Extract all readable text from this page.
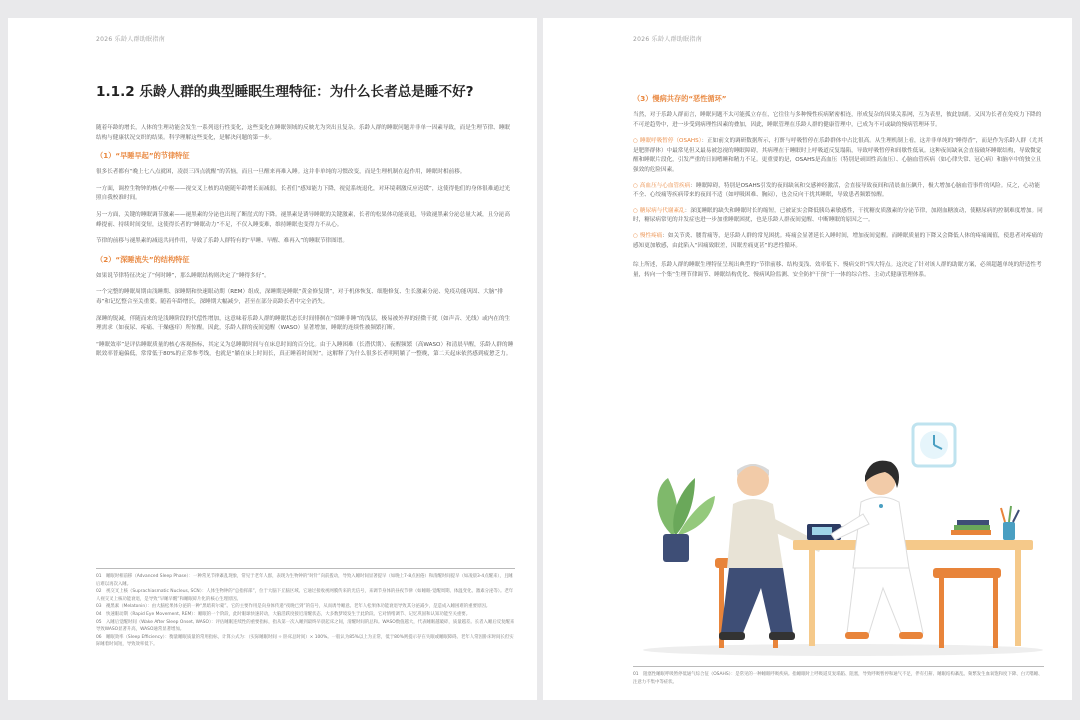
2026 乐龄人群助眠指南
1.1.2 乐龄人群的典型睡眠生理特征：为什么长者总是睡不好?

随着年龄的增长，人体的生理功能会发生一系列退行性变化，这些变化在睡眠领域的反映尤为突出且复杂。乐龄人群的睡眠问题并非单一因素导致，而是生理节律、睡眠结构与健康状况交织的结果。科学理解这些变化，是解决问题的第一步。

（1）“早睡早起”的节律特征

很多长者都有“晚上七八点就困，凌晨三四点就醒”的苦恼，而且一旦醒来再难入睡。这并非单纯的习惯改变，而是生理机制在起作用，睡眠时相前移。

一方面，调控生物钟的核心中枢——视交叉上核的功能随年龄增长而减弱，长者们“感知能力下降，视觉系统退化，对环境刺激反应迟缓”，这使得他们的身体很难通过光照自我校准时间。

另一方面，关键的睡眠调节激素——褪黑素的分泌也出现了断崖式的下降。褪黑素是诱导睡眠的关键激素，长者的松果体功能衰退，导致褪黑素分泌总量大减，且分泌高峰提前、持续时间变短，这使得长者的“睡眠动力”不足，不仅入睡变难，维持睡眠也变得力不从心。

节律的前移与褪黑素的减退共同作用，导致了乐龄人群特有的“早睡、早醒、难再入”的睡眠节律图谱。

（2）“深睡流失”的结构特征

如果说节律特征决定了“何时睡”，那么睡眠结构则决定了“睡得多好”。

一个完整的睡眠周期由浅睡期、深睡期和快速眼动期（REM）组成，深睡期是睡眠“黄金修复期”，对于机体恢复、细胞修复、生长激素分泌、免疫功能巩固、大脑“排毒”和记忆整合至关重要。随着年龄增长，深睡期大幅减少，甚至在部分高龄长者中完全消失。

深睡的锐减，伴随而来的是浅睡阶段的代偿性增加，这意味着乐龄人群的睡眠状态长时间徘徊在“似睡非睡”的浅层，极易被外界的轻微干扰（如声音、光线）或内在的生理需求（如夜尿、疼痛、干燥瘙痒）所惊醒。因此，乐龄人群的夜间觉醒（WASO）显著增加，睡眠的连续性被频繁打断。

“睡眠效率”是评估睡眠质量的核心客观指标，其定义为总睡眠时间与在床总时间的百分比。由于入睡困难（长潜伏期）、夜醒频繁（高WASO）和清晨早醒，乐龄人群的睡眠效率普遍偏低，常常低于80%的正常参考线，也就是“躺在床上时间长，真正睡着时间短”。这解释了为什么很多长者明明躺了一整晚，第二天起床依然感到疲惫乏力。

01　睡眠时相前移（Advanced Sleep Phase）：一种常见节律紊乱现象，常见于老年人群，表现为生物钟的“时针”向前拨动，导致入睡时间显著提早（如晚上7-8点困倦）和清醒时间提早（如凌晨3-4点醒来），且睡后难以再次入睡。

02　视交叉上核（Suprachiasmatic Nucleus, SCN）：人体生物钟的“总指挥部”，位于大脑下丘脑区域。它通过接收视网膜传来的光信号，来调节身体的昼夜节律（如睡眠-觉醒周期、体温变化、激素分泌等）。老年人视交叉上核功能衰退，是导致“早睡早醒”和睡眠碎片化的核心生理原因。

03　褪黑素（Melatonin）：由大脑松果体分泌的一种“黑暗荷尔蒙”。它的主要作用是向身体传递“夜晚已到”的信号，从而诱导睡意。老年人松果体功能衰退导致其分泌减少，是造成入睡困难的重要原因。

04　快速眼动期（Rapid Eye Movement, REM）：睡眠的一个阶段，此时眼球快速转动，大脑活跃度接近清醒状态，大多数梦境发生于此阶段。它对情绪调节、记忆巩固和认知功能至关重要。

05　入睡后觉醒时间（Wake After Sleep Onset, WASO）：评估睡眠连续性的重要指标，指从第一次入睡到最终早晨起床之间，清醒时间的总和。WASO数值越大，代表睡眠越破碎，质量越差。长者入睡后反复醒来导致WASO显著升高，WASO通常显著增加。

06　睡眠效率（Sleep Efficiency）：衡量睡眠质量的常用指标，计算公式为：（实际睡眠时间 ÷ 卧床总时间）× 100%。一般认为85%以上为正常，低于80%则提示存在失眠或睡眠障碍。老年人常因卧床时间长但实际睡着时间短，导致效率低下。

2026 乐龄人群助眠指南
（3）慢病共存的“恶性循环”

当然，对于乐龄人群而言，睡眠问题不太可能孤立存在，它往往与多种慢性疾病紧密相连，形成复杂的因果关系网，互为表里，彼此加剧。又因为长者在免疫力下降的不可逆趋势中，进一步受到病理性因素的叠加，因此，睡眠管理在乐龄人群的健康管理中，已成为不可或缺的慢病管理环节。

○ 睡眠呼吸暂停（OSAHS）：正如前文的调研数据所示，打鼾与呼吸暂停在乐龄群体中占比很高。从生理机制上看，这并非单纯的“睡得香”，而是作为乐龄人群（尤其是肥胖群体）中最常见但又最易被忽视的睡眠障碍，其病理在于睡眠时上呼吸道反复塌陷，导致呼吸暂停和间歇性低氧。这种夜间缺氧会直接破坏睡眠结构，导致微觉醒和睡眠片段化，引发严重的日间嗜睡和精力不足。更重要的是，OSAHS是高血压（特别是顽固性高血压）、心脑血管疾病（如心律失常、冠心病）和脑卒中的独立且强效的危险因素。

○ 高血压与心血管疾病：睡眠障碍，特别是OSAHS引发的夜间缺氧和交感神经激活，会直接导致夜间和清晨血压飙升，极大增加心脑血管事件的风险。反之，心功能不全、心绞痛等疾病带来的夜间不适（如呼吸困难、胸闷），也会反向干扰其睡眠，导致患者频繁惊醒。

○ 糖尿病与代谢紊乱：深度睡眠的缺失和睡眠时长的缩短，已被证实会降低胰岛素敏感性，干扰糖皮质激素的分泌节律，加剧血糖波动，使糖尿病的控制难度增加。同时，糖尿病常见的并发症也进一步加重睡眠困扰，也是乐龄人群夜间觉醒、中断睡眠的原因之一。

○ 慢性疼痛：如关节炎、腰背痛等，是乐龄人群的常见困扰。疼痛会显著延长入睡时间，增加夜间觉醒。而睡眠质量的下降又会降低人体的疼痛阈值，使患者对疼痛的感知更加敏感，由此陷入“因痛致眠差，因眠差痛更甚”的恶性循环。

综上所述，乐龄人群的睡眠生理特征呈现出典型的“节律前移、结构变浅、效率低下、慢病交织”四大特点。这决定了针对该人群的助眠方案，必须超越单纯的舒适性考量，转向一个集“生理节律调节、睡眠结构优化、慢病风险监测、安全防护干预”于一体的综合性、主动式健康管理体系。

01　阻塞性睡眠呼吸暂停低通气综合征（OSAHS）：是常见的一种睡眠呼吸疾病。指睡眠时上呼吸道反复塌陷、阻塞，导致呼吸暂停和通气不足，伴有打鼾、睡眠结构紊乱、频繁发生血氧饱和度下降、白天嗜睡、注意力不集中等症状。
